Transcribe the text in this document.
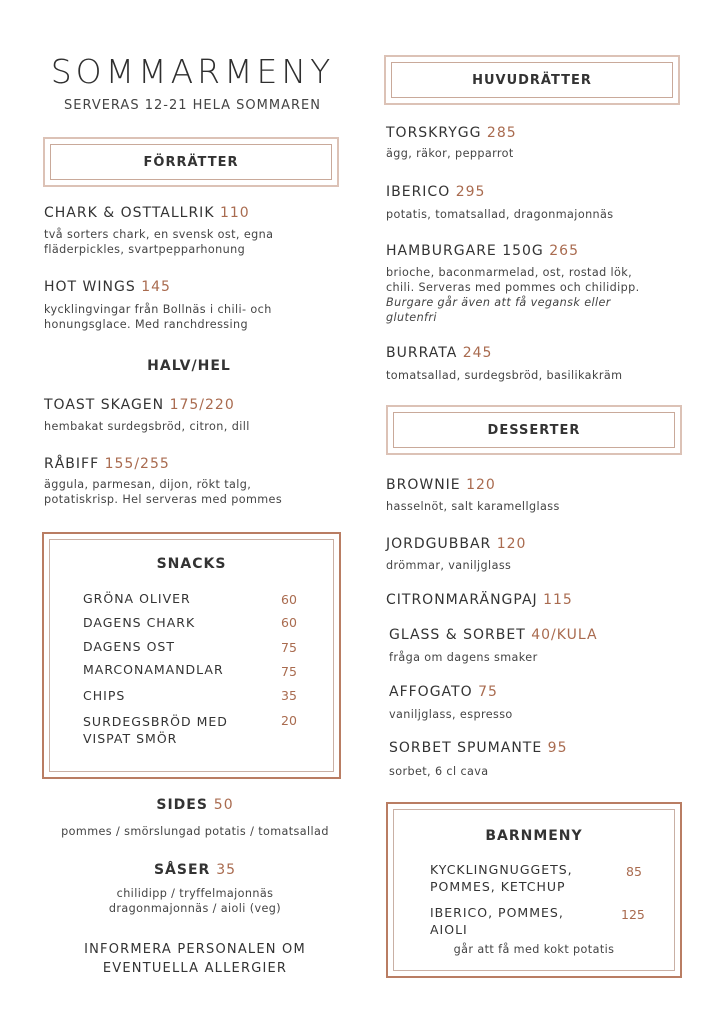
SOMMARMENY
SERVERAS 12-21 HELA SOMMAREN
FÖRRÄTTER
CHARK & OSTTALLRIK 110
två sorters chark, en svensk ost, egna
fläderpickles, svartpepparhonung
HOT WINGS 145
kycklingvingar från Bollnäs i chili- och
honungsglace. Med ranchdressing
HALV/HEL
TOAST SKAGEN 175/220
hembakat surdegsbröd, citron, dill
RÅBIFF 155/255
äggula, parmesan, dijon, rökt talg,
potatiskrisp. Hel serveras med pommes
SNACKS
GRÖNA OLIVER	60
DAGENS CHARK	60
DAGENS OST	75
MARCONAMANDLAR	75
CHIPS	35
SURDEGSBRÖD MED
VISPAT SMÖR
20
SIDES 50
pommes / smörslungad potatis / tomatsallad
SÅSER 35
chilidipp / tryffelmajonnäs
dragonmajonnäs / aioli (veg)
INFORMERA PERSONALEN OM
EVENTUELLA ALLERGIER
HUVUDRÄTTER
TORSKRYGG 285
ägg, räkor, pepparrot
IBERICO 295
potatis, tomatsallad, dragonmajonnäs
HAMBURGARE 150G 265
brioche, baconmarmelad, ost, rostad lök,
chili. Serveras med pommes och chilidipp.
Burgare går även att få vegansk eller
glutenfri
BURRATA 245
tomatsallad, surdegsbröd, basilikakräm
DESSERTER
BROWNIE 120
hasselnöt, salt karamellglass
JORDGUBBAR 120
drömmar, vaniljglass
CITRONMARÄNGPAJ 115
GLASS & SORBET 40/KULA
fråga om dagens smaker
AFFOGATO 75
vaniljglass, espresso
SORBET SPUMANTE 95
sorbet, 6 cl cava
BARNMENY
KYCKLINGNUGGETS,
POMMES, KETCHUP
85
IBERICO, POMMES,
AIOLI
125
går att få med kokt potatis
